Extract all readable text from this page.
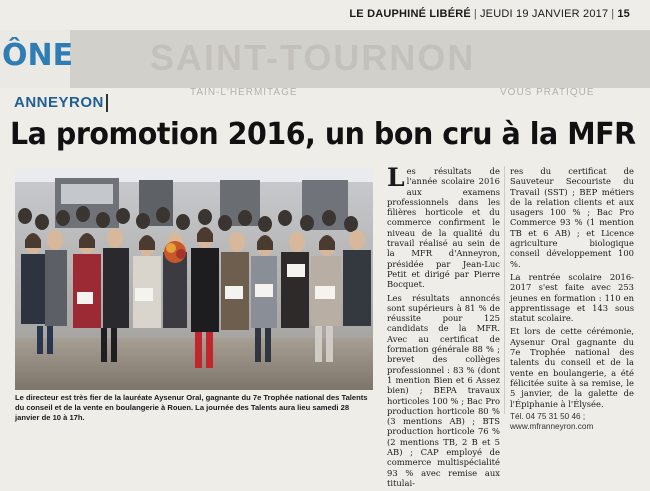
LE DAUPHINÉ LIBÉRÉ | JEUDI 19 JANVIER 2017 | 15
ÔNE SAINT-TOURNON
TAIN-L'HERMITAGE	VOUS PRATIQUE
ANNEYRON
La promotion 2016, un bon cru à la MFR
Le directeur est très fier de la lauréate Aysenur Oral, gagnante du 7e Trophée national des Talents du conseil et de la vente en boulangerie à Rouen. La journée des Talents aura lieu samedi 28 janvier de 10 à 17h.

Les résultats de l'année scolaire 2016 aux examens professionnels dans les filières horticole et du commerce confirment le niveau de la qualité du travail réalisé au sein de la MFR d'Anneyron, présidée par Jean-Luc Petit et dirigé par Pierre Bocquet.

Les résultats annoncés sont supérieurs à 81 % de réussite pour 125 candidats de la MFR. Avec au certificat de formation générale 88 % ; brevet des collèges professionnel : 83 % (dont 1 mention Bien et 6 Assez bien) ; BEPA travaux horticoles 100 % ; Bac Pro production horticole 80 % (3 mentions AB) ; BTS production horticole 76 % (2 mentions TB, 2 B et 5 AB) ; CAP employé de commerce multispécialité 93 % avec remise aux titulai-

res du certificat de Sauveteur Secouriste du Travail (SST) ; BEP métiers de la relation clients et aux usagers 100 % ; Bac Pro Commerce 93 % (1 mention TB et 6 AB) ; et Licence agriculture biologique conseil développement 100 %.

La rentrée scolaire 2016-2017 s'est faite avec 253 jeunes en formation : 110 en apprentissage et 143 sous statut scolaire.

Et lors de cette cérémonie, Aysenur Oral gagnante du 7e Trophée national des talents du conseil et de la vente en boulangerie, a été félicitée suite à sa remise, le 5 janvier, de la galette de l'Épiphanie à l'Élysée.

Tél. 04 75 31 50 46 ;
www.mfranneyron.com
